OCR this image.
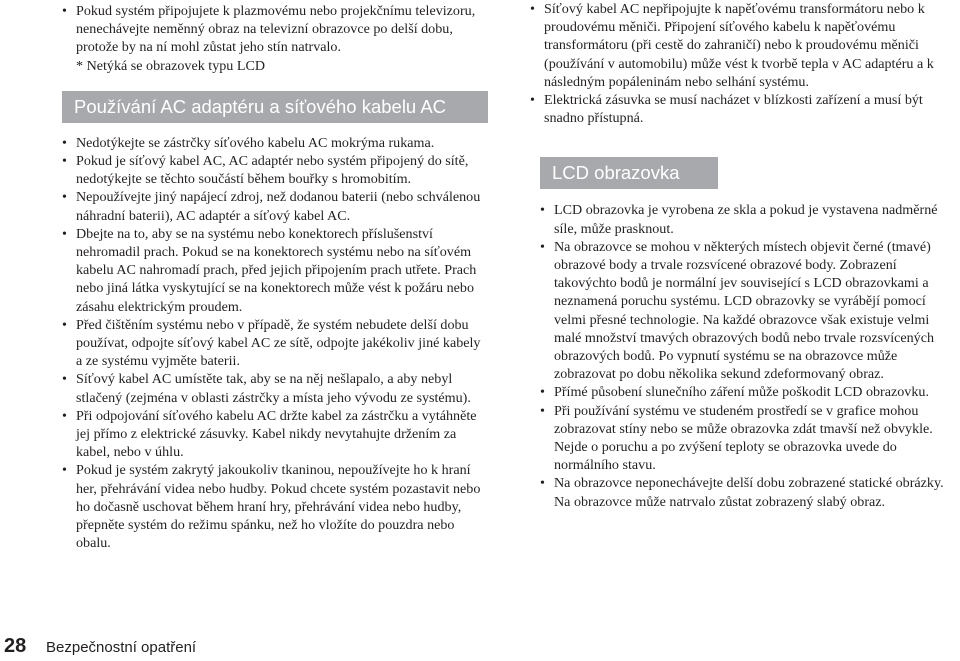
• Pokud systém připojujete k plazmovému nebo projekčnímu televizoru, nenechávejte neměnný obraz na televizní obrazovce po delší dobu, protože by na ní mohl zůstat jeho stín natrvalo.
* Netýká se obrazovek typu LCD
Používání AC adaptéru a síťového kabelu AC
• Nedotýkejte se zástrčky síťového kabelu AC mokrýma rukama.
• Pokud je síťový kabel AC, AC adaptér nebo systém připojený do sítě, nedotýkejte se těchto součástí během bouřky s hromobitím.
• Nepoužívejte jiný napájecí zdroj, než dodanou baterii (nebo schválenou náhradní baterii), AC adaptér a síťový kabel AC.
• Dbejte na to, aby se na systému nebo konektorech příslušenství nehromadil prach. Pokud se na konektorech systému nebo na síťovém kabelu AC nahromadí prach, před jejich připojením prach utřete. Prach nebo jiná látka vyskytující se na konektorech může vést k požáru nebo zásahu elektrickým proudem.
• Před čištěním systému nebo v případě, že systém nebudete delší dobu používat, odpojte síťový kabel AC ze sítě, odpojte jakékoliv jiné kabely a ze systému vyjměte baterii.
• Síťový kabel AC umístěte tak, aby se na něj nešlapalo, a aby nebyl stlačený (zejména v oblasti zástrčky a místa jeho vývodu ze systému).
• Při odpojování síťového kabelu AC držte kabel za zástrčku a vytáhněte jej přímo z elektrické zásuvky. Kabel nikdy nevytahujte držením za kabel, nebo v úhlu.
• Pokud je systém zakrytý jakoukoliv tkaninou, nepoužívejte ho k hraní her, přehrávání videa nebo hudby. Pokud chcete systém pozastavit nebo ho dočasně uschovat během hraní hry, přehrávání videa nebo hudby, přepněte systém do režimu spánku, než ho vložíte do pouzdra nebo obalu.
• Síťový kabel AC nepřipojujte k napěťovému transformátoru nebo k proudovému měniči. Připojení síťového kabelu k napěťovému transformátoru (při cestě do zahraničí) nebo k proudovému měniči (používání v automobilu) může vést k tvorbě tepla v AC adaptéru a k následným popáleninám nebo selhání systému.
• Elektrická zásuvka se musí nacházet v blízkosti zařízení a musí být snadno přístupná.
LCD obrazovka
• LCD obrazovka je vyrobena ze skla a pokud je vystavena nadměrné síle, může prasknout.
• Na obrazovce se mohou v některých místech objevit černé (tmavé) obrazové body a trvale rozsvícené obrazové body. Zobrazení takovýchto bodů je normální jev související s LCD obrazovkami a neznamená poruchu systému. LCD obrazovky se vyrábějí pomocí velmi přesné technologie. Na každé obrazovce však existuje velmi malé množství tmavých obrazových bodů nebo trvale rozsvícených obrazových bodů. Po vypnutí systému se na obrazovce může zobrazovat po dobu několika sekund zdeformovaný obraz.
• Přímé působení slunečního záření může poškodit LCD obrazovku.
• Při používání systému ve studeném prostředí se v grafice mohou zobrazovat stíny nebo se může obrazovka zdát tmavší než obvykle. Nejde o poruchu a po zvýšení teploty se obrazovka uvede do normálního stavu.
• Na obrazovce neponechávejte delší dobu zobrazené statické obrázky. Na obrazovce může natrvalo zůstat zobrazený slabý obraz.
28	Bezpečnostní opatření
